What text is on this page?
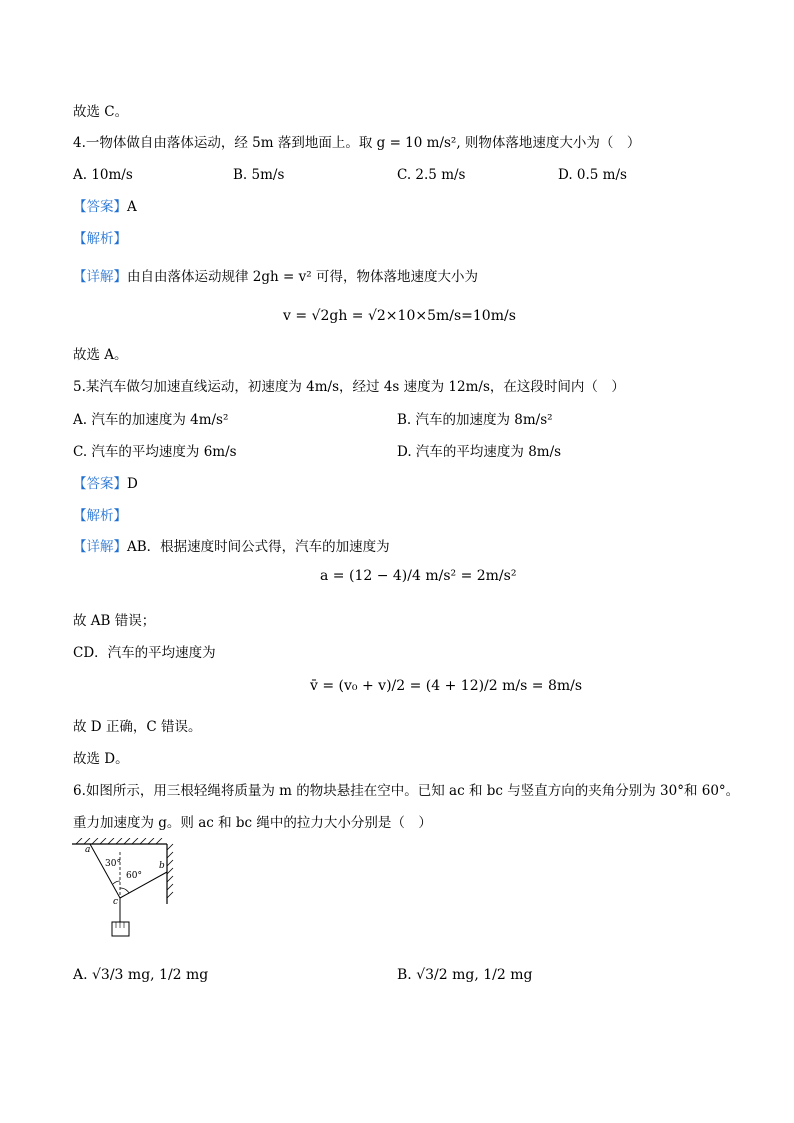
故选 C。
4.一物体做自由落体运动，经 5m 落到地面上。取 g = 10 m/s², 则物体落地速度大小为（　）
A. 10m/s	B. 5m/s	C. 2.5 m/s	D. 0.5 m/s
【答案】A
【解析】
【详解】由自由落体运动规律 2gh = v² 可得，物体落地速度大小为
v = √2gh = √2×10×5m/s=10m/s
故选 A。
5.某汽车做匀加速直线运动，初速度为 4m/s，经过 4s 速度为 12m/s，在这段时间内（　）
A. 汽车的加速度为 4m/s²	B. 汽车的加速度为 8m/s²
C. 汽车的平均速度为 6m/s	D. 汽车的平均速度为 8m/s
【答案】D
【解析】
【详解】AB．根据速度时间公式得，汽车的加速度为
a = (12 − 4)/4 m/s² = 2m/s²
故 AB 错误；
CD．汽车的平均速度为
v̄ = (v₀ + v)/2 = (4 + 12)/2 m/s = 8m/s
故 D 正确，C 错误。
故选 D。
6.如图所示，用三根轻绳将质量为 m 的物块悬挂在空中。已知 ac 和 bc 与竖直方向的夹角分别为 30°和 60°。
重力加速度为 g。则 ac 和 bc 绳中的拉力大小分别是（　）
a
b
c
30°
60°
A. √3/3 mg, 1/2 mg	B. √3/2 mg, 1/2 mg
